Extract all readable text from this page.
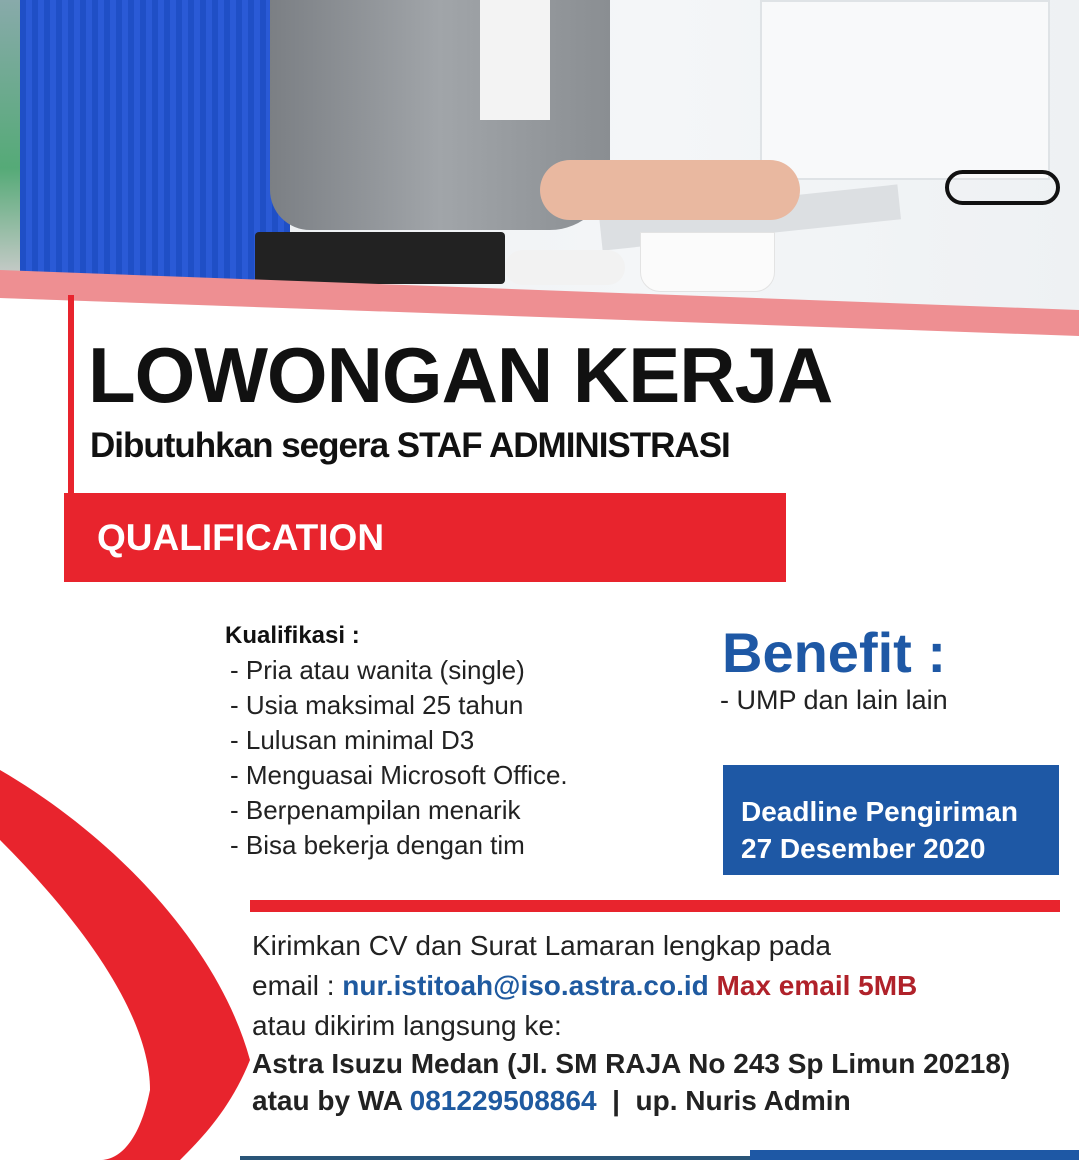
LOWONGAN KERJA
Dibutuhkan segera STAF ADMINISTRASI
QUALIFICATION
Kualifikasi :
- Pria atau wanita (single)
- Usia maksimal 25 tahun
- Lulusan minimal D3
- Menguasai Microsoft Office.
- Berpenampilan menarik
- Bisa bekerja dengan tim
Benefit :
- UMP dan lain lain
Deadline Pengiriman
27 Desember 2020
Kirimkan CV dan Surat Lamaran lengkap pada
email : nur.istitoah@iso.astra.co.id Max email 5MB
atau dikirim langsung ke:
Astra Isuzu Medan (Jl. SM RAJA No 243 Sp Limun 20218)
atau by WA 081229508864  |  up. Nuris Admin
